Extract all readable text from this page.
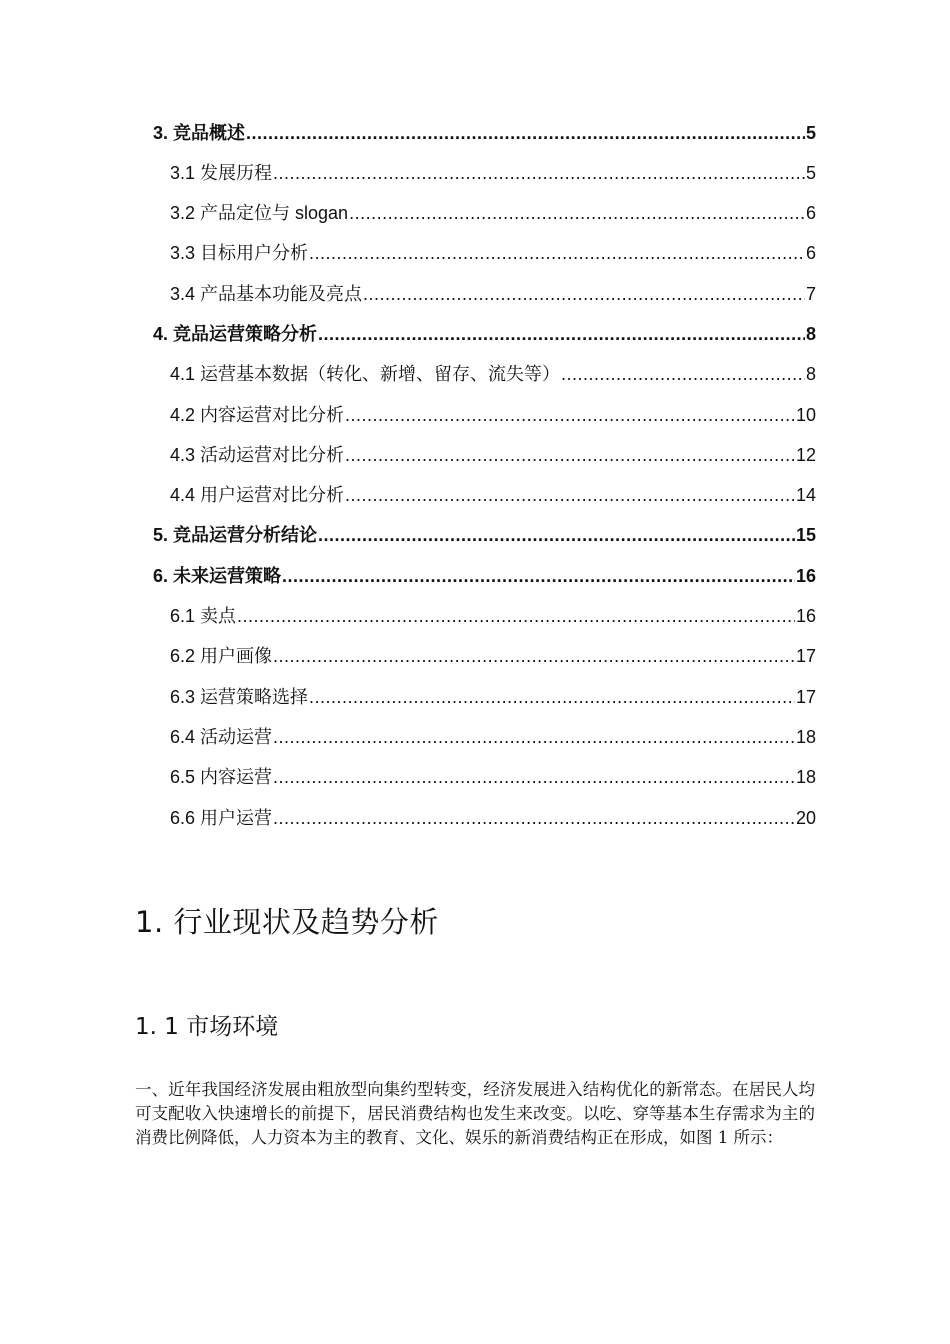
3. 竞品概述 .....	5
3.1 发展历程 .....	5
3.2 产品定位与 slogan .....	6
3.3 目标用户分析 .....	6
3.4 产品基本功能及亮点 .....	7
4. 竞品运营策略分析 .....	8
4.1 运营基本数据（转化、新增、留存、流失等） .....	8
4.2 内容运营对比分析 .....	10
4.3 活动运营对比分析 .....	12
4.4 用户运营对比分析 .....	14
5. 竞品运营分析结论 .....	15
6. 未来运营策略 .....	16
6.1 卖点 .....	16
6.2 用户画像 .....	17
6.3 运营策略选择 .....	17
6.4 活动运营 .....	18
6.5 内容运营 .....	18
6.6 用户运营 .....	20
1. 行业现状及趋势分析
1. 1 市场环境

一、近年我国经济发展由粗放型向集约型转变，经济发展进入结构优化的新常态。在居民人均可支配收入快速增长的前提下，居民消费结构也发生来改变。以吃、穿等基本生存需求为主的消费比例降低，人力资本为主的教育、文化、娱乐的新消费结构正在形成，如图 1 所示：
